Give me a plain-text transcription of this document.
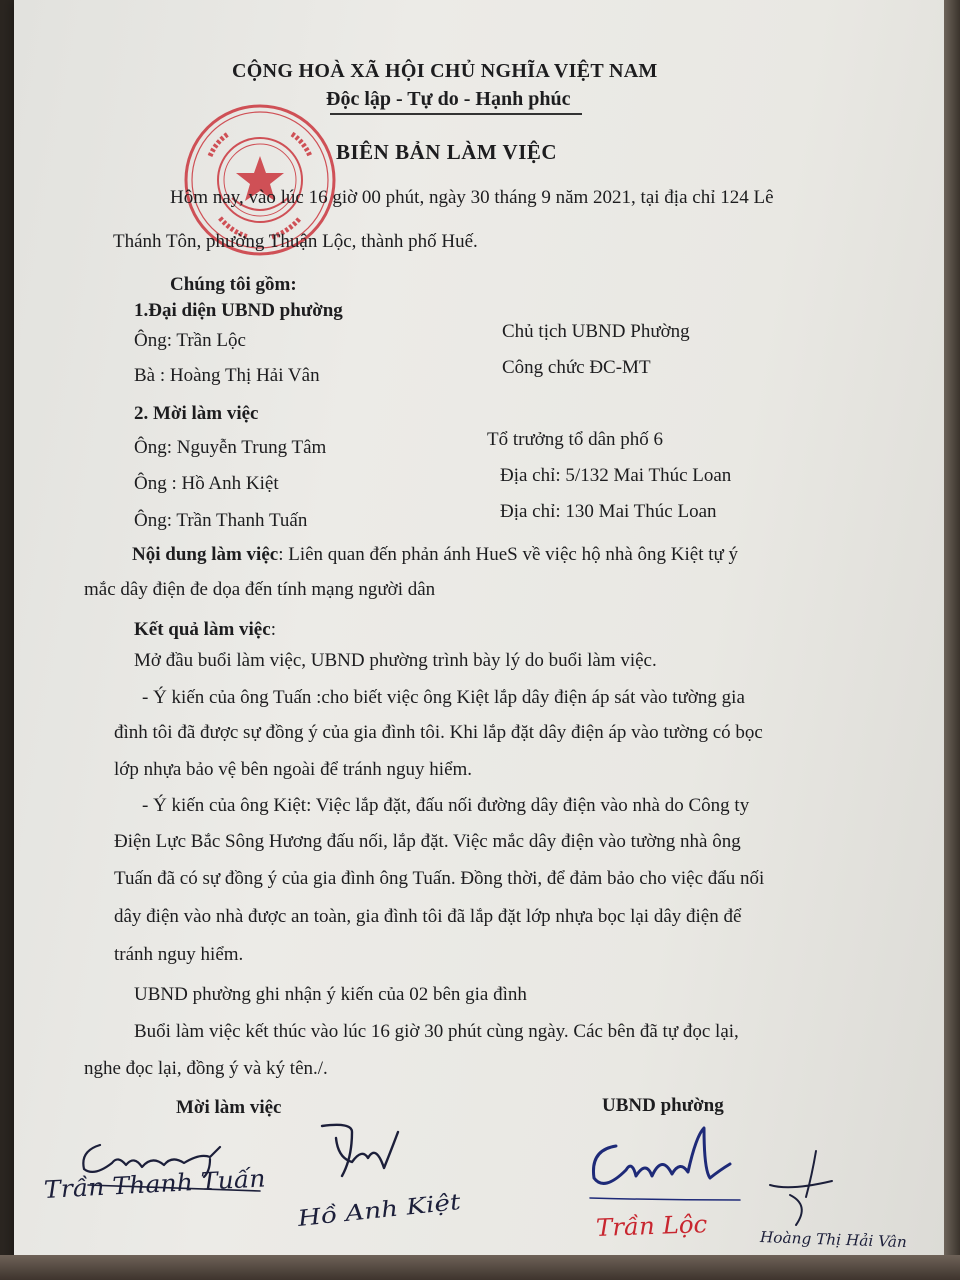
CỘNG HOÀ XÃ HỘI CHỦ NGHĨA VIỆT NAM
Độc lập - Tự do - Hạnh phúc
BIÊN BẢN LÀM VIỆC
Hôm nay, vào lúc 16 giờ 00 phút, ngày 30 tháng 9 năm 2021, tại địa chỉ 124 Lê
Thánh Tôn, phường Thuận Lộc, thành phố Huế.
Chúng tôi gồm:
1.Đại diện UBND phường
Ông: Trần Lộc	Chủ tịch UBND Phường
Bà : Hoàng Thị Hải Vân	Công chức ĐC-MT
2. Mời làm việc
Ông: Nguyễn Trung Tâm	Tổ trưởng tổ dân phố 6
Ông : Hồ Anh Kiệt	Địa chỉ: 5/132 Mai Thúc Loan
Ông: Trần Thanh Tuấn	Địa chỉ: 130 Mai Thúc Loan
Nội dung làm việc: Liên quan đến phản ánh HueS về việc hộ nhà ông Kiệt tự ý
mắc dây điện đe dọa đến tính mạng người dân
Kết quả làm việc:
Mở đầu buổi làm việc, UBND phường trình bày lý do buổi làm việc.
- Ý kiến của ông Tuấn :cho biết việc ông Kiệt lắp dây điện áp sát vào tường gia
đình tôi đã được sự đồng ý của gia đình tôi. Khi lắp đặt dây điện áp vào tường có bọc
lớp nhựa bảo vệ bên ngoài để tránh nguy hiểm.
- Ý kiến của ông Kiệt: Việc lắp đặt, đấu nối đường dây điện vào nhà do Công ty
Điện Lực Bắc Sông Hương đấu nối, lắp đặt. Việc mắc dây điện vào tường nhà ông
Tuấn đã có sự đồng ý của gia đình ông Tuấn. Đồng thời, để đảm bảo cho việc đấu nối
dây điện vào nhà được an toàn, gia đình tôi đã lắp đặt lớp nhựa bọc lại dây điện để
tránh nguy hiểm.
UBND phường ghi nhận ý kiến của 02 bên gia đình
Buổi làm việc kết thúc vào lúc 16 giờ 30 phút cùng ngày. Các bên đã tự đọc lại,
nghe đọc lại, đồng ý và ký tên./.
Mời làm việc	UBND phường
Trần Thanh Tuấn
Hồ Anh Kiệt	Trần Lộc	Hoàng Thị Hải Vân
